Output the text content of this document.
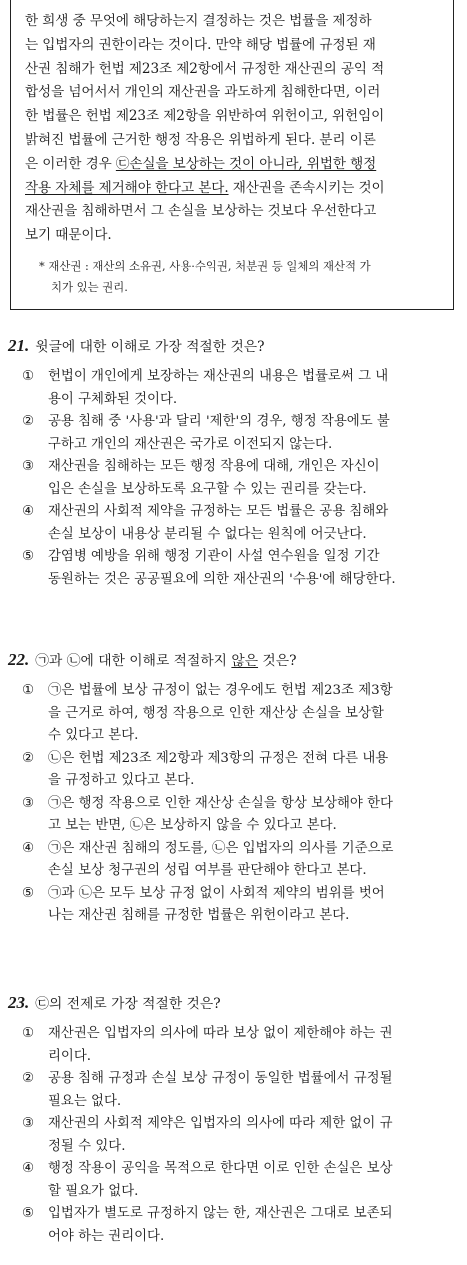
한 희생 중 무엇에 해당하는지 결정하는 것은 법률을 제정하
는 입법자의 권한이라는 것이다. 만약 해당 법률에 규정된 재
산권 침해가 헌법 제23조 제2항에서 규정한 재산권의 공익 적
합성을 넘어서서 개인의 재산권을 과도하게 침해한다면, 이러
한 법률은 헌법 제23조 제2항을 위반하여 위헌이고, 위헌임이
밝혀진 법률에 근거한 행정 작용은 위법하게 된다. 분리 이론
은 이러한 경우 ㉢손실을 보상하는 것이 아니라, 위법한 행정
작용 자체를 제거해야 한다고 본다. 재산권을 존속시키는 것이
재산권을 침해하면서 그 손실을 보상하는 것보다 우선한다고
보기 때문이다.
* 재산권 : 재산의 소유권, 사용·수익권, 처분권 등 일체의 재산적 가
치가 있는 권리.
21. 윗글에 대한 이해로 가장 적절한 것은?
① 헌법이 개인에게 보장하는 재산권의 내용은 법률로써 그 내
용이 구체화된 것이다.
② 공용 침해 중 '사용'과 달리 '제한'의 경우, 행정 작용에도 불
구하고 개인의 재산권은 국가로 이전되지 않는다.
③ 재산권을 침해하는 모든 행정 작용에 대해, 개인은 자신이
입은 손실을 보상하도록 요구할 수 있는 권리를 갖는다.
④ 재산권의 사회적 제약을 규정하는 모든 법률은 공용 침해와
손실 보상이 내용상 분리될 수 없다는 원칙에 어긋난다.
⑤ 감염병 예방을 위해 행정 기관이 사설 연수원을 일정 기간
동원하는 것은 공공필요에 의한 재산권의 '수용'에 해당한다.
22. ㉠과 ㉡에 대한 이해로 적절하지 않은 것은?
① ㉠은 법률에 보상 규정이 없는 경우에도 헌법 제23조 제3항
을 근거로 하여, 행정 작용으로 인한 재산상 손실을 보상할
수 있다고 본다.
② ㉡은 헌법 제23조 제2항과 제3항의 규정은 전혀 다른 내용
을 규정하고 있다고 본다.
③ ㉠은 행정 작용으로 인한 재산상 손실을 항상 보상해야 한다
고 보는 반면, ㉡은 보상하지 않을 수 있다고 본다.
④ ㉠은 재산권 침해의 정도를, ㉡은 입법자의 의사를 기준으로
손실 보상 청구권의 성립 여부를 판단해야 한다고 본다.
⑤ ㉠과 ㉡은 모두 보상 규정 없이 사회적 제약의 범위를 벗어
나는 재산권 침해를 규정한 법률은 위헌이라고 본다.
23. ㉢의 전제로 가장 적절한 것은?
① 재산권은 입법자의 의사에 따라 보상 없이 제한해야 하는 권
리이다.
② 공용 침해 규정과 손실 보상 규정이 동일한 법률에서 규정될
필요는 없다.
③ 재산권의 사회적 제약은 입법자의 의사에 따라 제한 없이 규
정될 수 있다.
④ 행정 작용이 공익을 목적으로 한다면 이로 인한 손실은 보상
할 필요가 없다.
⑤ 입법자가 별도로 규정하지 않는 한, 재산권은 그대로 보존되
어야 하는 권리이다.
